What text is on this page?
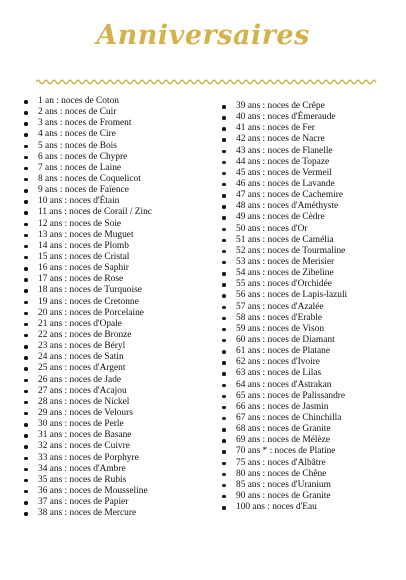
Anniversaires
1 an : noces de Coton
2 ans : noces de Cuir
3 ans : noces de Froment
4 ans : noces de Cire
5 ans : noces de Bois
6 ans : noces de Chypre
7 ans : noces de Laine
8 ans : noces de Coquelicot
9 ans : noces de Faïence
10 ans : noces d'Étain
11 ans : noces de Corail / Zinc
12 ans : noces de Soie
13 ans : noces de Muguet
14 ans : noces de Plomb
15 ans : noces de Cristal
16 ans : noces de Saphir
17 ans : noces de Rose
18 ans : noces de Turquoise
19 ans : noces de Cretonne
20 ans : noces de Porcelaine
21 ans : noces d'Opale
22 ans : noces de Bronze
23 ans : noces de Béryl
24 ans : noces de Satin
25 ans : noces d'Argent
26 ans : noces de Jade
27 ans : noces d'Acajou
28 ans : noces de Nickel
29 ans : noces de Velours
30 ans : noces de Perle
31 ans : noces de Basane
32 ans : noces de Cuivre
33 ans : noces de Porphyre
34 ans : noces d'Ambre
35 ans : noces de Rubis
36 ans : noces de Mousseline
37 ans : noces de Papier
38 ans : noces de Mercure
39 ans : noces de Crêpe
40 ans : noces d'Émeraude
41 ans : noces de Fer
42 ans : noces de Nacre
43 ans : noces de Flanelle
44 ans : noces de Topaze
45 ans : noces de Vermeil
46 ans : noces de Lavande
47 ans : noces de Cachemire
48 ans : noces d'Améthyste
49 ans : noces de Cèdre
50 ans : noces d'Or
51 ans : noces de Camélia
52 ans : noces de Tourmaline
53 ans : noces de Merisier
54 ans : noces de Zibeline
55 ans : noces d'Orchidée
56 ans : noces de Lapis-lazuli
57 ans : noces d'Azalée
58 ans : noces d'Erable
59 ans : noces de Vison
60 ans : noces de Diamant
61 ans : noces de Platane
62 ans : noces d'Ivoire
63 ans : noces de Lilas
64 ans : noces d'Astrakan
65 ans : noces de Palissandre
66 ans : noces de Jasmin
67 ans : noces de Chinchilla
68 ans : noces de Granite
69 ans : noces de Mélèze
70 ans * : noces de Platine
75 ans : noces d'Albâtre
80 ans : noces de Chêne
85 ans : noces d'Uranium
90 ans : noces de Granite
100 ans : noces d'Eau
